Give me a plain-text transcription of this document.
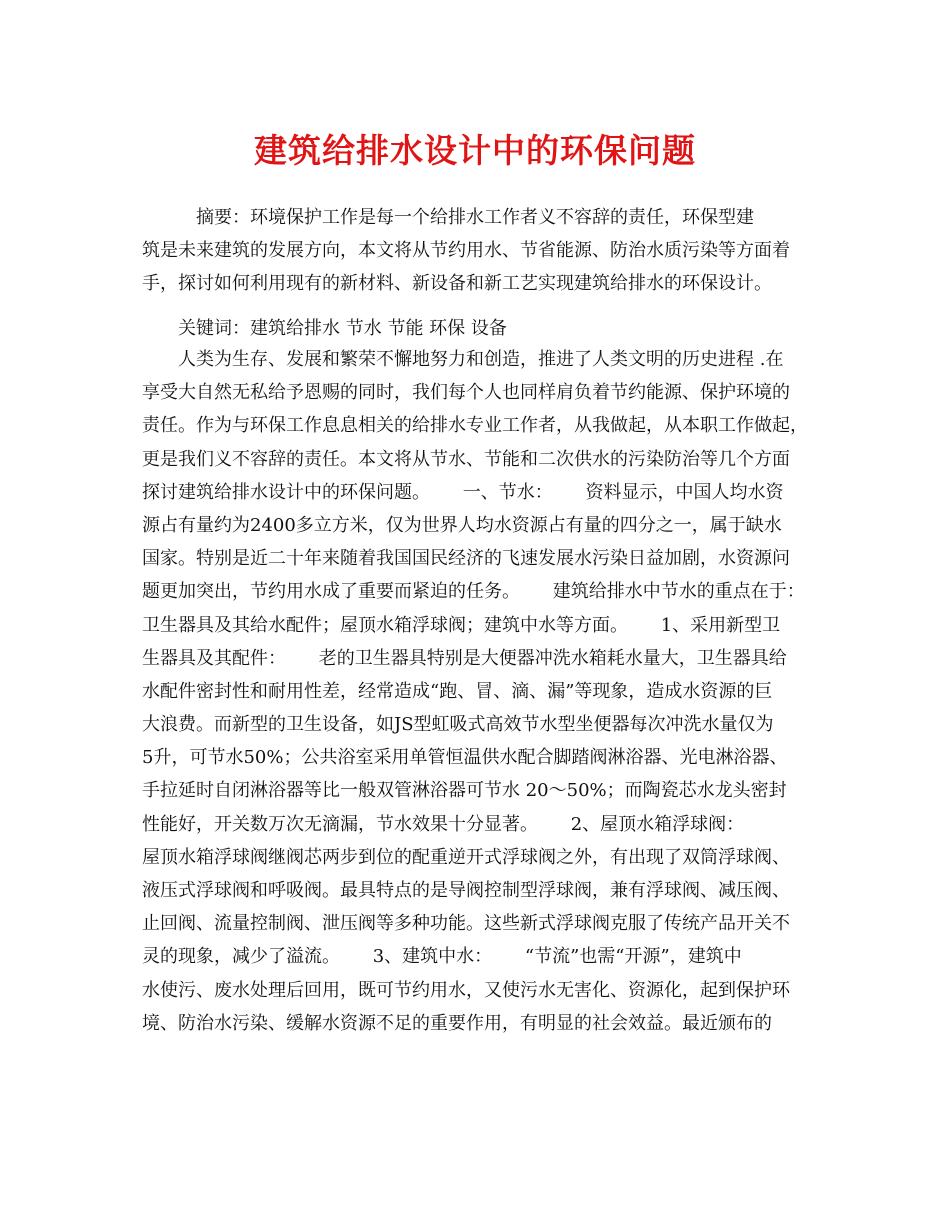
建筑给排水设计中的环保问题
　　　摘要：环境保护工作是每一个给排水工作者义不容辞的责任，环保型建
筑是未来建筑的发展方向，本文将从节约用水、节省能源、防治水质污染等方面着
手，探讨如何利用现有的新材料、新设备和新工艺实现建筑给排水的环保设计。
　　关键词：建筑给排水 节水 节能 环保 设备
　　人类为生存、发展和繁荣不懈地努力和创造，推进了人类文明的历史进程 .在
享受大自然无私给予恩赐的同时，我们每个人也同样肩负着节约能源、保护环境的
责任。作为与环保工作息息相关的给排水专业工作者，从我做起，从本职工作做起，
更是我们义不容辞的责任。本文将从节水、节能和二次供水的污染防治等几个方面
探讨建筑给排水设计中的环保问题。　　 一、节水：　　 资料显示，中国人均水资
源占有量约为2400多立方米，仅为世界人均水资源占有量的四分之一，属于缺水
国家。特别是近二十年来随着我国国民经济的飞速发展水污染日益加剧，水资源问
题更加突出，节约用水成了重要而紧迫的任务。　　 建筑给排水中节水的重点在于：
卫生器具及其给水配件；屋顶水箱浮球阀；建筑中水等方面。　　 1、采用新型卫
生器具及其配件：　　 老的卫生器具特别是大便器冲洗水箱耗水量大，卫生器具给
水配件密封性和耐用性差，经常造成“跑、冒、滴、漏”等现象，造成水资源的巨
大浪费。而新型的卫生设备，如JS型虹吸式高效节水型坐便器每次冲洗水量仅为
5升，可节水50%；公共浴室采用单管恒温供水配合脚踏阀淋浴器、光电淋浴器、
手拉延时自闭淋浴器等比一般双管淋浴器可节水 20～50%；而陶瓷芯水龙头密封
性能好，开关数万次无滴漏，节水效果十分显著。　　 2、屋顶水箱浮球阀：
屋顶水箱浮球阀继阀芯两步到位的配重逆开式浮球阀之外，有出现了双筒浮球阀、
液压式浮球阀和呼吸阀。最具特点的是导阀控制型浮球阀，兼有浮球阀、减压阀、
止回阀、流量控制阀、泄压阀等多种功能。这些新式浮球阀克服了传统产品开关不
灵的现象，减少了溢流。　　 3、建筑中水：　　 “节流”也需“开源”，建筑中
水使污、废水处理后回用，既可节约用水，又使污水无害化、资源化，起到保护环
境、防治水污染、缓解水资源不足的重要作用，有明显的社会效益。最近颁布的
